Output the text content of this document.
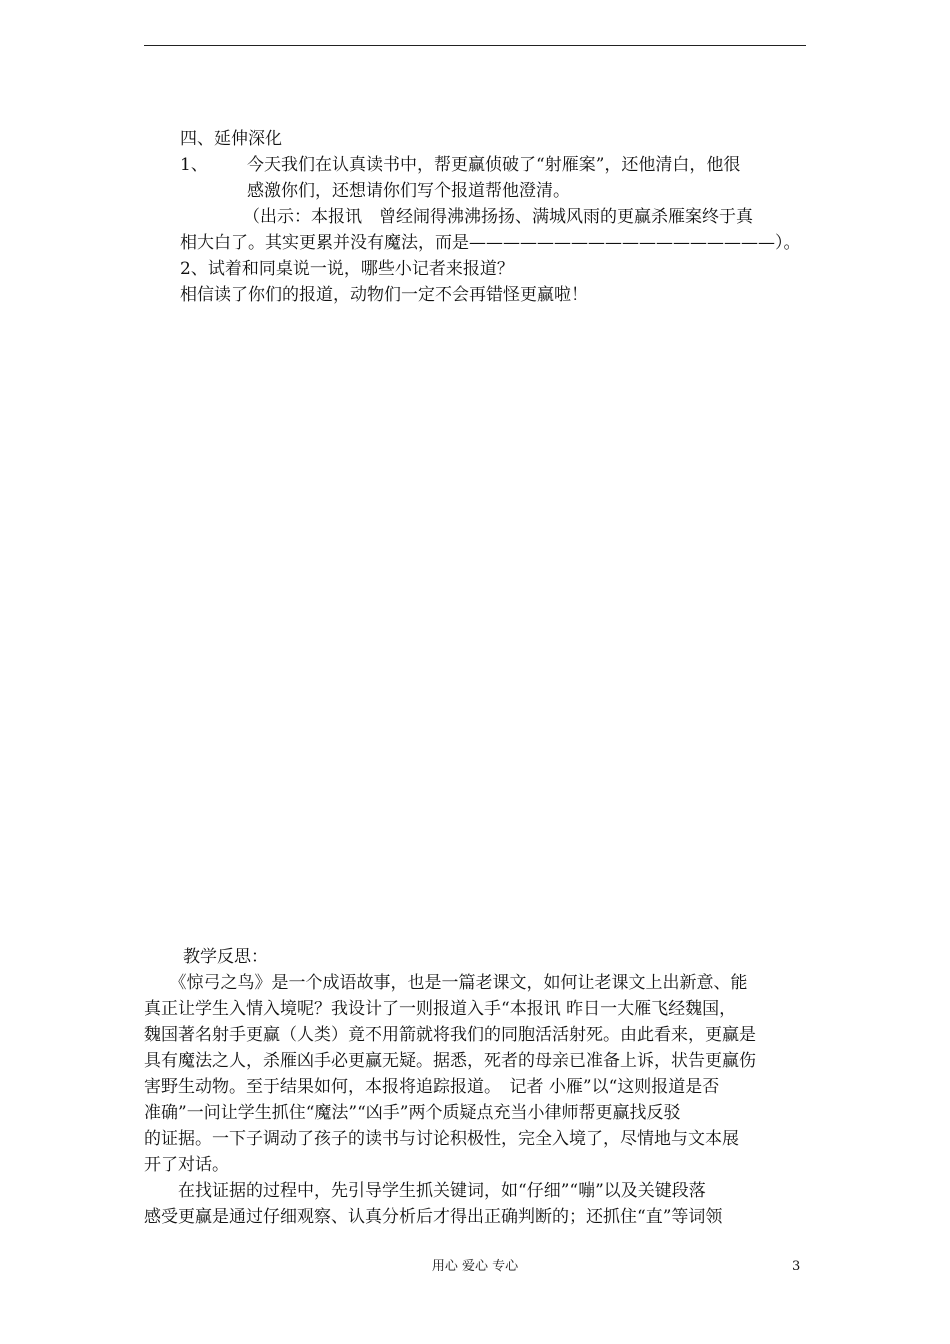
四、延伸深化
1、 今天我们在认真读书中，帮更赢侦破了“射雁案”，还他清白，他很
感激你们，还想请你们写个报道帮他澄清。
（出示：本报讯　曾经闹得沸沸扬扬、满城风雨的更赢杀雁案终于真
相大白了。其实更累并没有魔法，而是——————————————————）。
2、试着和同桌说一说，哪些小记者来报道？
相信读了你们的报道，动物们一定不会再错怪更赢啦！
教学反思：
　　《惊弓之鸟》是一个成语故事，也是一篇老课文，如何让老课文上出新意、能
真正让学生入情入境呢？我设计了一则报道入手“本报讯 昨日一大雁飞经魏国，
魏国著名射手更赢（人类）竟不用箭就将我们的同胞活活射死。由此看来，更赢是
具有魔法之人，杀雁凶手必更赢无疑。据悉，死者的母亲已准备上诉，状告更赢伤
害野生动物。至于结果如何，本报将追踪报道。　记者 小雁”以“这则报道是否
准确”一问让学生抓住“魔法”“凶手”两个质疑点充当小律师帮更赢找反驳
的证据。一下子调动了孩子的读书与讨论积极性，完全入境了，尽情地与文本展
开了对话。
　　在找证据的过程中，先引导学生抓关键词，如“仔细”“嘣”以及关键段落
感受更赢是通过仔细观察、认真分析后才得出正确判断的；还抓住“直”等词领
用心 爱心 专心	3
